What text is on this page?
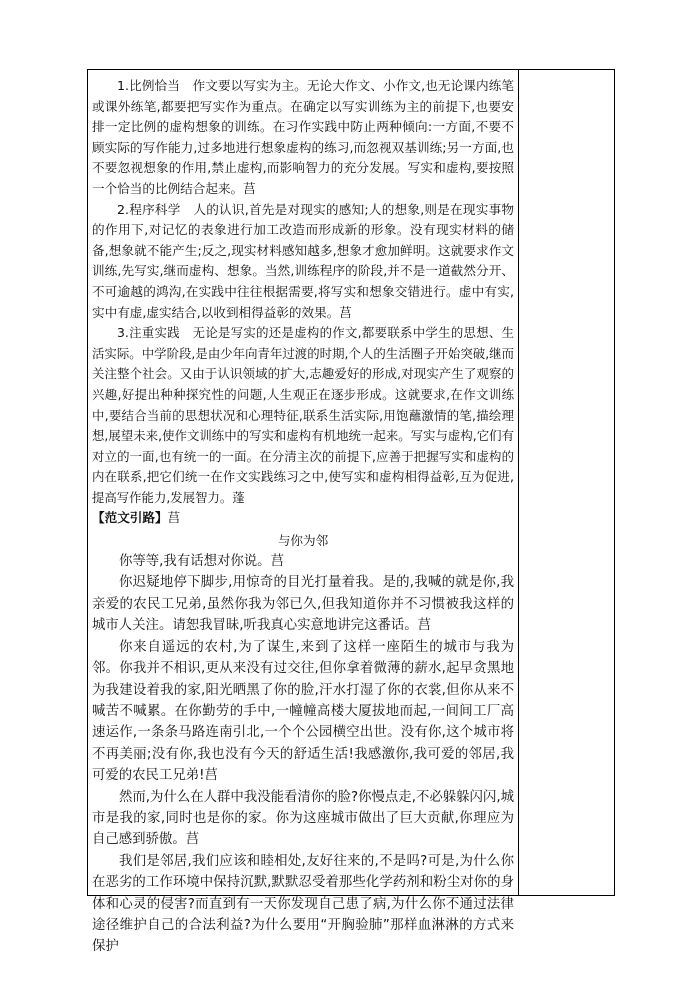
1.比例恰当　作文要以写实为主。无论大作文、小作文,也无论课内练笔或课外练笔,都要把写实作为重点。在确定以写实训练为主的前提下,也要安排一定比例的虚构想象的训练。在习作实践中防止两种倾向:一方面,不要不顾实际的写作能力,过多地进行想象虚构的练习,而忽视双基训练;另一方面,也不要忽视想象的作用,禁止虚构,而影响智力的充分发展。写实和虚构,要按照一个恰当的比例结合起来。莒

2.程序科学　人的认识,首先是对现实的感知;人的想象,则是在现实事物的作用下,对记忆的表象进行加工改造而形成新的形象。没有现实材料的储备,想象就不能产生;反之,现实材料感知越多,想象才愈加鲜明。这就要求作文训练,先写实,继而虚构、想象。当然,训练程序的阶段,并不是一道截然分开、不可逾越的鸿沟,在实践中往往根据需要,将写实和想象交错进行。虚中有实,实中有虚,虚实结合,以收到相得益彰的效果。莒

3.注重实践　无论是写实的还是虚构的作文,都要联系中学生的思想、生活实际。中学阶段,是由少年向青年过渡的时期,个人的生活圈子开始突破,继而关注整个社会。又由于认识领域的扩大,志趣爱好的形成,对现实产生了观察的兴趣,好提出种种探究性的问题,人生观正在逐步形成。这就要求,在作文训练中,要结合当前的思想状况和心理特征,联系生活实际,用饱蘸激情的笔,描绘理想,展望未来,使作文训练中的写实和虚构有机地统一起来。写实与虚构,它们有对立的一面,也有统一的一面。在分清主次的前提下,应善于把握写实和虚构的内在联系,把它们统一在作文实践练习之中,使写实和虚构相得益彰,互为促进,提高写作能力,发展智力。蓬

【范文引路】莒

与你为邻

你等等,我有话想对你说。莒

你迟疑地停下脚步,用惊奇的目光打量着我。是的,我喊的就是你,我亲爱的农民工兄弟,虽然你我为邻已久,但我知道你并不习惯被我这样的城市人关注。请恕我冒昧,听我真心实意地讲完这番话。莒

你来自遥远的农村,为了谋生,来到了这样一座陌生的城市与我为邻。你我并不相识,更从来没有过交往,但你拿着微薄的薪水,起早贪黑地为我建设着我的家,阳光晒黑了你的脸,汗水打湿了你的衣裳,但你从来不喊苦不喊累。在你勤劳的手中,一幢幢高楼大厦拔地而起,一间间工厂高速运作,一条条马路连南引北,一个个公园横空出世。没有你,这个城市将不再美丽;没有你,我也没有今天的舒适生活!我感激你,我可爱的邻居,我可爱的农民工兄弟!莒

然而,为什么在人群中我没能看清你的脸?你慢点走,不必躲躲闪闪,城市是我的家,同时也是你的家。你为这座城市做出了巨大贡献,你理应为自己感到骄傲。莒

我们是邻居,我们应该和睦相处,友好往来的,不是吗?可是,为什么你在恶劣的工作环境中保持沉默,默默忍受着那些化学药剂和粉尘对你的身体和心灵的侵害?而直到有一天你发现自己患了病,为什么你不通过法律途径维护自己的合法利益?为什么要用“开胸验肺”那样血淋淋的方式来保护
